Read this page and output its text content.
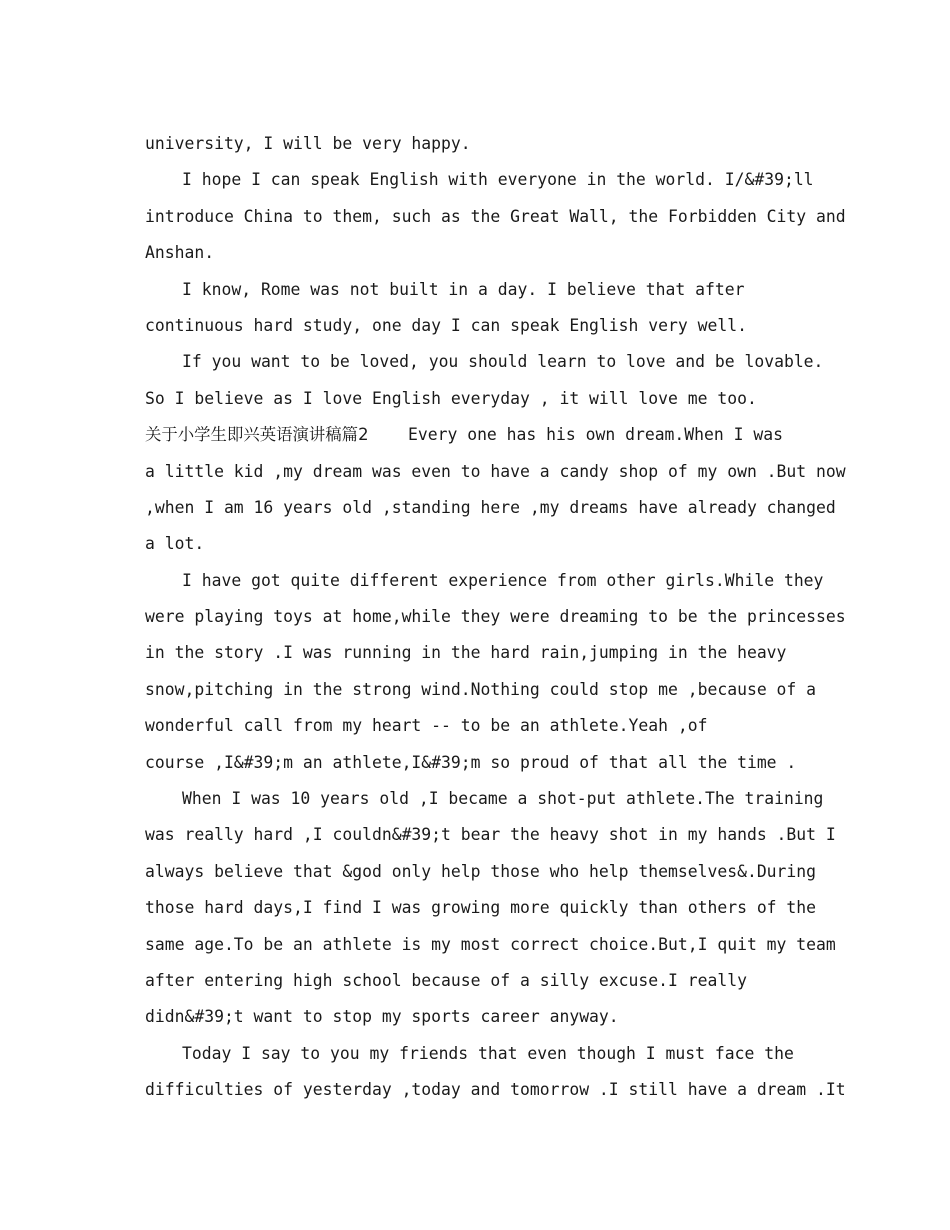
university, I will be very happy.
I hope I can speak English with everyone in the world. I/&#39;ll
introduce China to them, such as the Great Wall, the Forbidden City and
Anshan.
I know, Rome was not built in a day. I believe that after
continuous hard study, one day I can speak English very well.
If you want to be loved, you should learn to love and be lovable.
So I believe as I love English everyday , it will love me too.
关于小学生即兴英语演讲稿篇2    Every one has his own dream.When I was
a little kid ,my dream was even to have a candy shop of my own .But now
,when I am 16 years old ,standing here ,my dreams have already changed
a lot.
I have got quite different experience from other girls.While they
were playing toys at home,while they were dreaming to be the princesses
in the story .I was running in the hard rain,jumping in the heavy
snow,pitching in the strong wind.Nothing could stop me ,because of a
wonderful call from my heart -- to be an athlete.Yeah ,of
course ,I&#39;m an athlete,I&#39;m so proud of that all the time .
When I was 10 years old ,I became a shot-put athlete.The training
was really hard ,I couldn&#39;t bear the heavy shot in my hands .But I
always believe that &god only help those who help themselves&.During
those hard days,I find I was growing more quickly than others of the
same age.To be an athlete is my most correct choice.But,I quit my team
after entering high school because of a silly excuse.I really
didn&#39;t want to stop my sports career anyway.
Today I say to you my friends that even though I must face the
difficulties of yesterday ,today and tomorrow .I still have a dream .It
